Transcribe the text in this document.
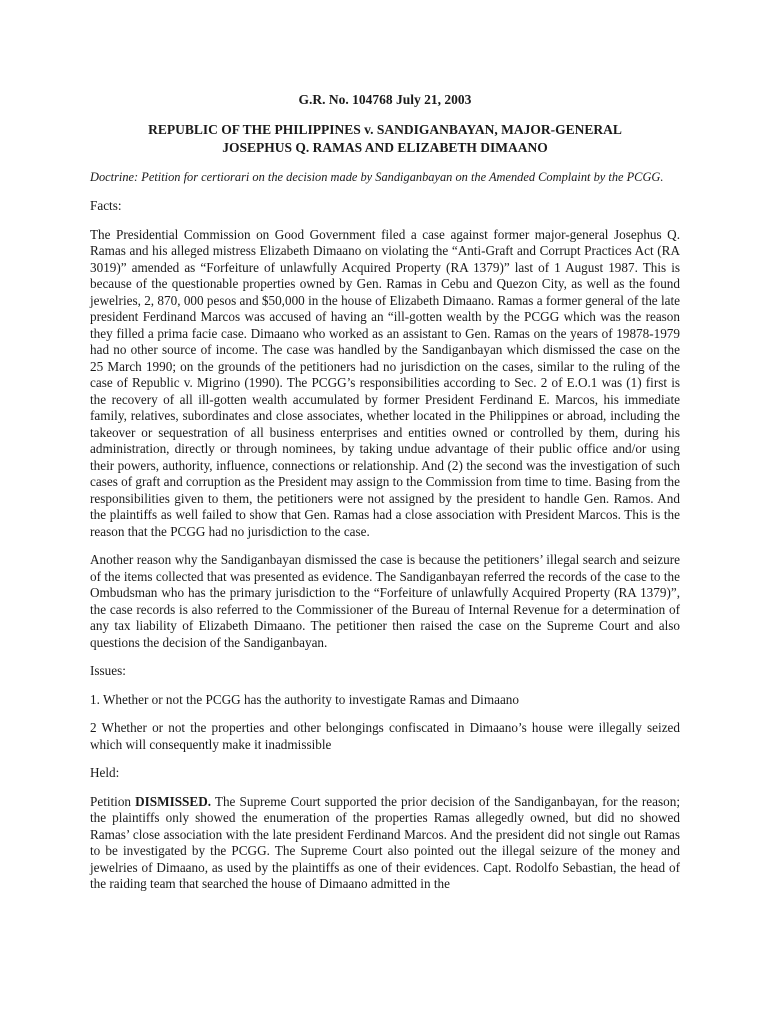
G.R. No. 104768 July 21, 2003
REPUBLIC OF THE PHILIPPINES v. SANDIGANBAYAN, MAJOR-GENERAL
JOSEPHUS Q. RAMAS AND ELIZABETH DIMAANO
Doctrine: Petition for certiorari on the decision made by Sandiganbayan on the Amended Complaint by the PCGG.
Facts:

The Presidential Commission on Good Government filed a case against former major-general Josephus Q. Ramas and his alleged mistress Elizabeth Dimaano on violating the “Anti-Graft and Corrupt Practices Act (RA 3019)” amended as “Forfeiture of unlawfully Acquired Property (RA 1379)” last of 1 August 1987. This is because of the questionable properties owned by Gen. Ramas in Cebu and Quezon City, as well as the found jewelries, 2, 870, 000 pesos and $50,000 in the house of Elizabeth Dimaano. Ramas a former general of the late president Ferdinand Marcos was accused of having an “ill-gotten wealth by the PCGG which was the reason they filled a prima facie case. Dimaano who worked as an assistant to Gen. Ramas on the years of 19878-1979 had no other source of income. The case was handled by the Sandiganbayan which dismissed the case on the 25 March 1990; on the grounds of the petitioners had no jurisdiction on the cases, similar to the ruling of the case of Republic v. Migrino (1990). The PCGG’s responsibilities according to Sec. 2 of E.O.1 was (1) first is the recovery of all ill-gotten wealth accumulated by former President Ferdinand E. Marcos, his immediate family, relatives, subordinates and close associates, whether located in the Philippines or abroad, including the takeover or sequestration of all business enterprises and entities owned or controlled by them, during his administration, directly or through nominees, by taking undue advantage of their public office and/or using their powers, authority, influence, connections or relationship. And (2) the second was the investigation of such cases of graft and corruption as the President may assign to the Commission from time to time. Basing from the responsibilities given to them, the petitioners were not assigned by the president to handle Gen. Ramos. And the plaintiffs as well failed to show that Gen. Ramas had a close association with President Marcos. This is the reason that the PCGG had no jurisdiction to the case.

Another reason why the Sandiganbayan dismissed the case is because the petitioners’ illegal search and seizure of the items collected that was presented as evidence. The Sandiganbayan referred the records of the case to the Ombudsman who has the primary jurisdiction to the “Forfeiture of unlawfully Acquired Property (RA 1379)”, the case records is also referred to the Commissioner of the Bureau of Internal Revenue for a determination of any tax liability of Elizabeth Dimaano. The petitioner then raised the case on the Supreme Court and also questions the decision of the Sandiganbayan.

Issues:
1. Whether or not the PCGG has the authority to investigate Ramas and Dimaano
2 Whether or not the properties and other belongings confiscated in Dimaano’s house were illegally seized which will consequently make it inadmissible
Held:

Petition DISMISSED. The Supreme Court supported the prior decision of the Sandiganbayan, for the reason; the plaintiffs only showed the enumeration of the properties Ramas allegedly owned, but did no showed Ramas’ close association with the late president Ferdinand Marcos. And the president did not single out Ramas to be investigated by the PCGG. The Supreme Court also pointed out the illegal seizure of the money and jewelries of Dimaano, as used by the plaintiffs as one of their evidences. Capt. Rodolfo Sebastian, the head of the raiding team that searched the house of Dimaano admitted in the
